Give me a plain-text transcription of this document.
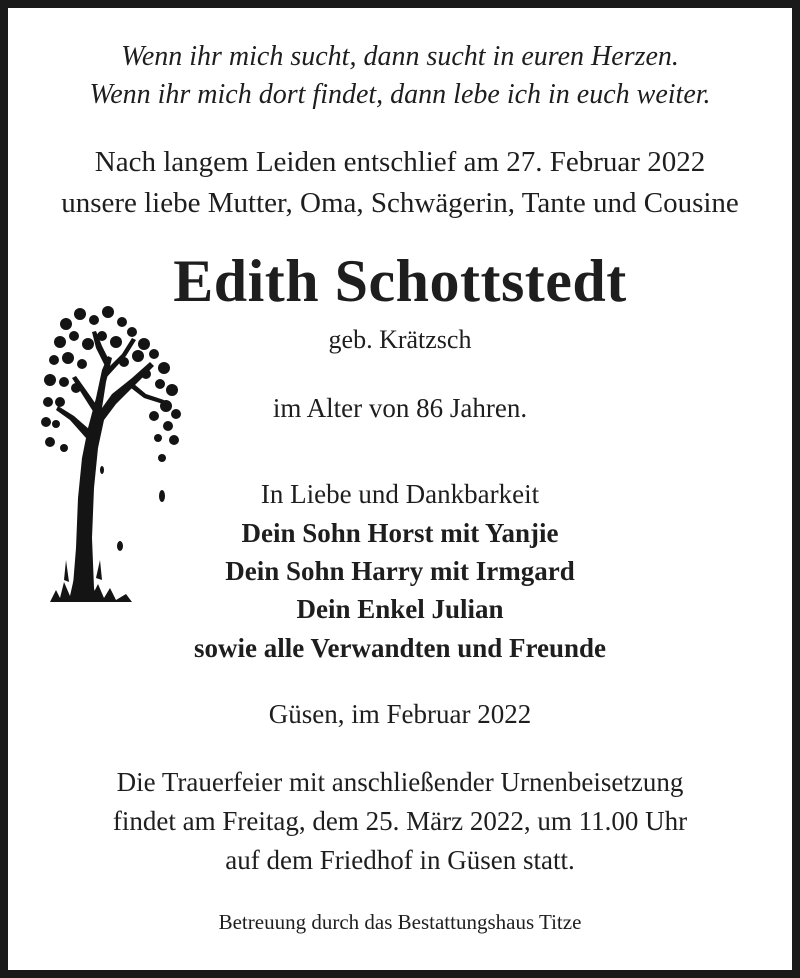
Wenn ihr mich sucht, dann sucht in euren Herzen.
Wenn ihr mich dort findet, dann lebe ich in euch weiter.
Nach langem Leiden entschlief am 27. Februar 2022
unsere liebe Mutter, Oma, Schwägerin, Tante und Cousine
Edith Schottstedt
geb. Krätzsch
im Alter von 86 Jahren.
In Liebe und Dankbarkeit
Dein Sohn Horst mit Yanjie
Dein Sohn Harry mit Irmgard
Dein Enkel Julian
sowie alle Verwandten und Freunde
Güsen, im Februar 2022
Die Trauerfeier mit anschließender Urnenbeisetzung
findet am Freitag, dem 25. März 2022, um 11.00 Uhr
auf dem Friedhof in Güsen statt.
Betreuung durch das Bestattungshaus Titze
